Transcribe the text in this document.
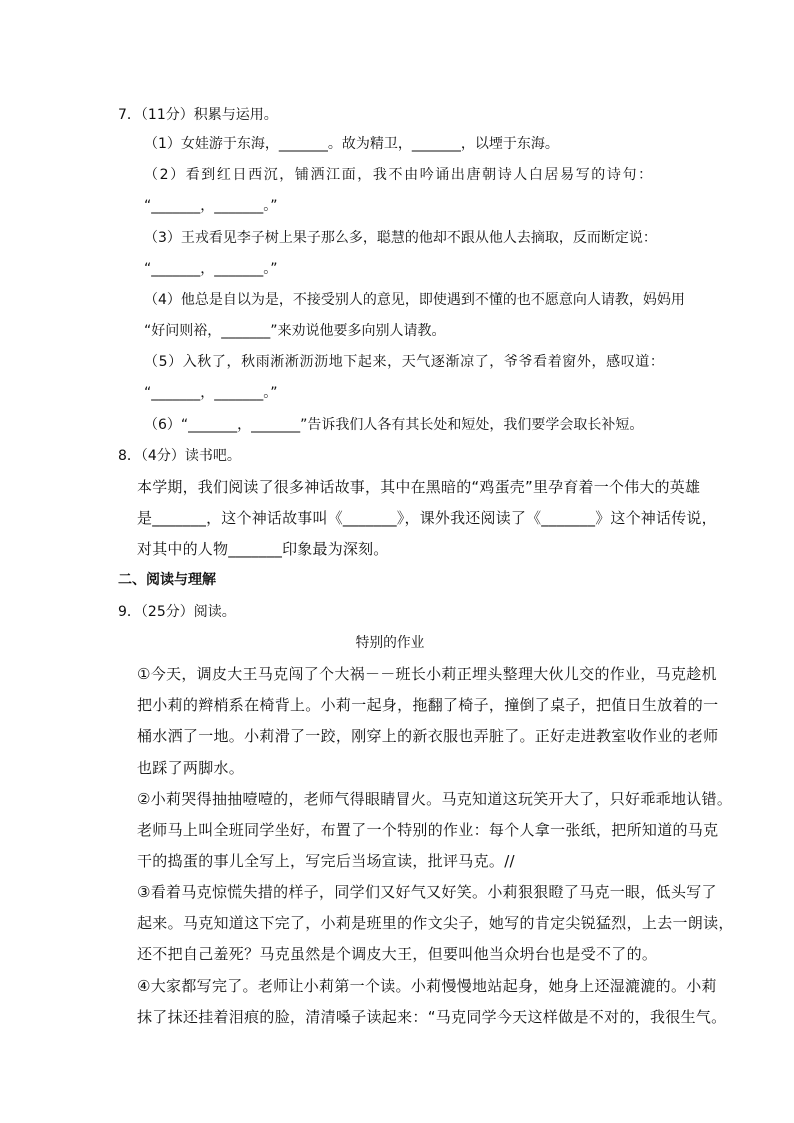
7．（11分）积累与运用。
（1）女娃游于东海，_______。故为精卫，_______，以堙于东海。
（2）看到红日西沉，铺洒江面，我不由吟诵出唐朝诗人白居易写的诗句：
“_______，_______。”
（3）王戎看见李子树上果子那么多，聪慧的他却不跟从他人去摘取，反而断定说：
“_______，_______。”
（4）他总是自以为是，不接受别人的意见，即使遇到不懂的也不愿意向人请教，妈妈用
“好问则裕，_______”来劝说他要多向别人请教。
（5）入秋了，秋雨淅淅沥沥地下起来，天气逐渐凉了，爷爷看着窗外，感叹道：
“_______，_______。”
（6）“_______，_______”告诉我们人各有其长处和短处，我们要学会取长补短。
8．（4分）读书吧。
本学期，我们阅读了很多神话故事，其中在黑暗的“鸡蛋壳”里孕育着一个伟大的英雄
是_______，这个神话故事叫《_______》，课外我还阅读了《_______》这个神话传说，
对其中的人物_______印象最为深刻。
二、阅读与理解
9．（25分）阅读。
特别的作业
①今天，调皮大王马克闯了个大祸－－班长小莉正埋头整理大伙儿交的作业，马克趁机
把小莉的辫梢系在椅背上。小莉一起身，拖翻了椅子，撞倒了桌子，把值日生放着的一
桶水洒了一地。小莉滑了一跤，刚穿上的新衣服也弄脏了。正好走进教室收作业的老师
也踩了两脚水。
②小莉哭得抽抽噎噎的，老师气得眼睛冒火。马克知道这玩笑开大了，只好乖乖地认错。
老师马上叫全班同学坐好，布置了一个特别的作业：每个人拿一张纸，把所知道的马克
干的捣蛋的事儿全写上，写完后当场宣读，批评马克。//
③看着马克惊慌失措的样子，同学们又好气又好笑。小莉狠狠瞪了马克一眼，低头写了
起来。马克知道这下完了，小莉是班里的作文尖子，她写的肯定尖锐猛烈，上去一朗读，
还不把自己羞死？马克虽然是个调皮大王，但要叫他当众坍台也是受不了的。
④大家都写完了。老师让小莉第一个读。小莉慢慢地站起身，她身上还湿漉漉的。小莉
抹了抹还挂着泪痕的脸，清清嗓子读起来：“马克同学今天这样做是不对的，我很生气。
